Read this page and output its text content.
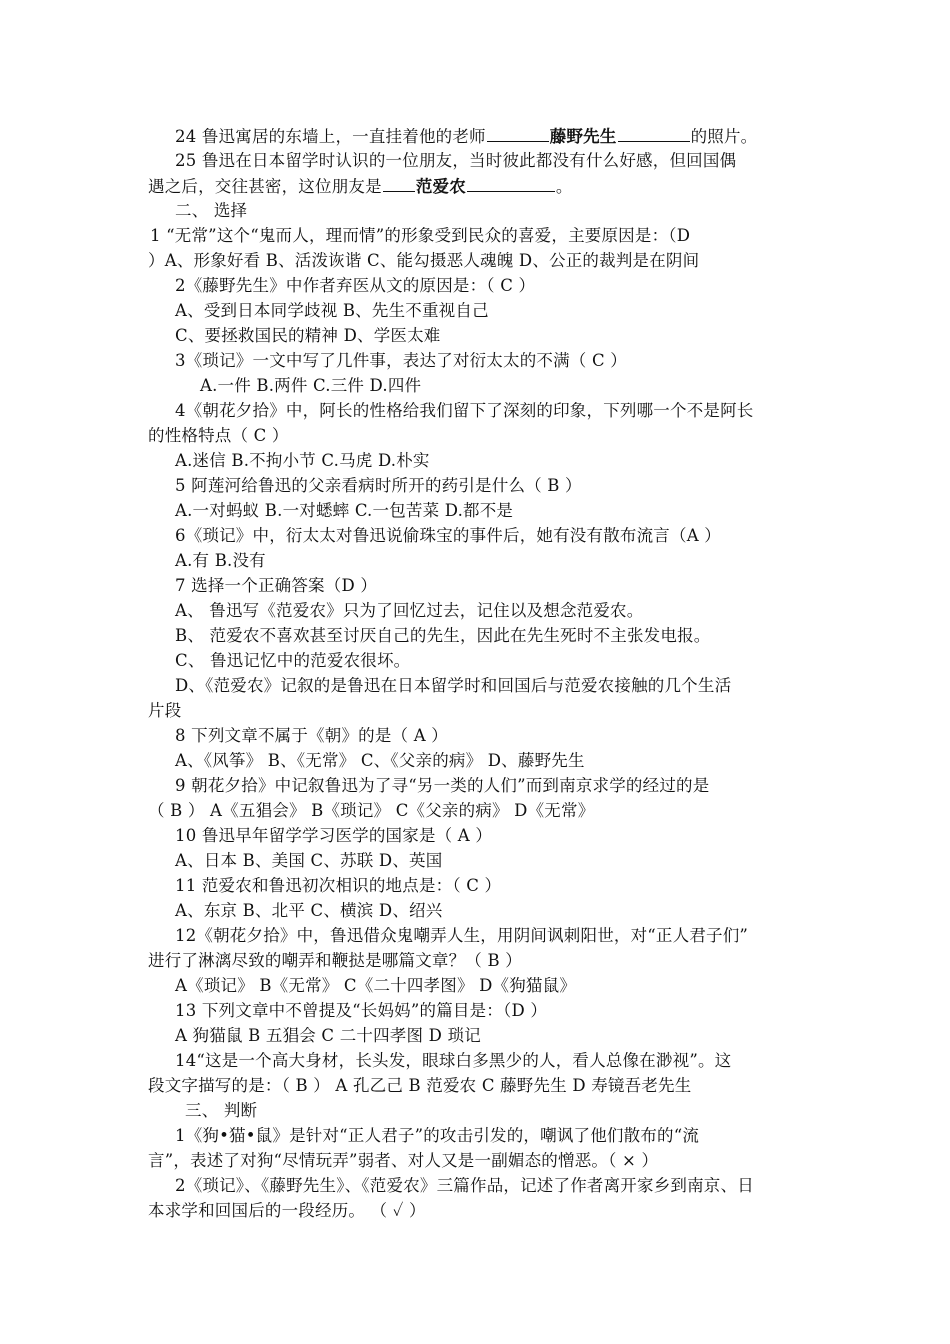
24 鲁迅寓居的东墙上，一直挂着他的老师	藤野先生	的照片。
25 鲁迅在日本留学时认识的一位朋友，当时彼此都没有什么好感，但回国偶
遇之后，交往甚密，这位朋友是 范爱农	。
二、 选择
1 “无常”这个“鬼而人，理而情”的形象受到民众的喜爱，主要原因是：（D
）A、形象好看 B、活泼诙谐 C、能勾摄恶人魂魄 D、公正的裁判是在阴间
2《藤野先生》中作者弃医从文的原因是：（ C ）
A、受到日本同学歧视 B、先生不重视自己
C、要拯救国民的精神 D、学医太难
3《琐记》一文中写了几件事，表达了对衍太太的不满（ C ）
A.一件 B.两件 C.三件 D.四件
4《朝花夕拾》中，阿长的性格给我们留下了深刻的印象，下列哪一个不是阿长
的性格特点（ C ）
A.迷信 B.不拘小节 C.马虎 D.朴实
5 阿莲河给鲁迅的父亲看病时所开的药引是什么（ B ）
A.一对蚂蚁 B.一对蟋蟀 C.一包苦菜 D.都不是
6《琐记》中，衍太太对鲁迅说偷珠宝的事件后，她有没有散布流言（A ）
A.有 B.没有
7 选择一个正确答案（D ）
A、 鲁迅写《范爱农》只为了回忆过去，记住以及想念范爱农。
B、 范爱农不喜欢甚至讨厌自己的先生，因此在先生死时不主张发电报。
C、 鲁迅记忆中的范爱农很坏。
D、《范爱农》记叙的是鲁迅在日本留学时和回国后与范爱农接触的几个生活
片段
8 下列文章不属于《朝》的是（ A ）
A、《风筝》 B、《无常》 C、《父亲的病》 D、藤野先生
9 朝花夕拾》中记叙鲁迅为了寻“另一类的人们”而到南京求学的经过的是
（ B ） A《五猖会》 B《琐记》 C《父亲的病》 D《无常》
10 鲁迅早年留学学习医学的国家是（ A ）
A、日本 B、美国 C、苏联 D、英国
11 范爱农和鲁迅初次相识的地点是：（ C ）
A、东京 B、北平 C、横滨 D、绍兴
12《朝花夕拾》中，鲁迅借众鬼嘲弄人生，用阴间讽刺阳世，对“正人君子们”
进行了淋漓尽致的嘲弄和鞭挞是哪篇文章？（ B ）
A《琐记》 B《无常》 C《二十四孝图》 D《狗猫鼠》
13 下列文章中不曾提及“长妈妈”的篇目是：（D ）
A 狗猫鼠 B 五猖会 C 二十四孝图 D 琐记
14“这是一个高大身材，长头发，眼球白多黑少的人，看人总像在渺视”。这
段文字描写的是：（ B ） A 孔乙己 B 范爱农 C 藤野先生 D 寿镜吾老先生
三、 判断
1《狗•猫•鼠》是针对“正人君子”的攻击引发的，嘲讽了他们散布的“流
言”，表述了对狗“尽情玩弄”弱者、对人又是一副媚态的憎恶。（ × ）
2《琐记》、《藤野先生》、《范爱农》三篇作品，记述了作者离开家乡到南京、日
本求学和回国后的一段经历。 （ ✓ ）
